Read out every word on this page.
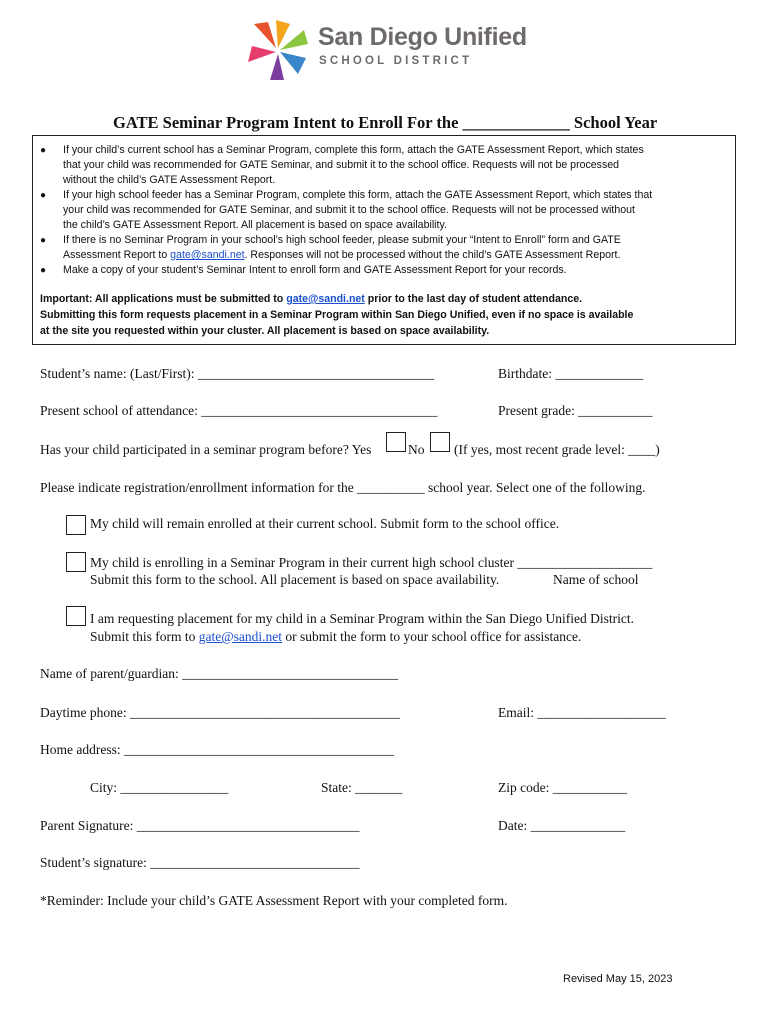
San Diego Unified
SCHOOL DISTRICT
GATE Seminar Program Intent to Enroll For the _____________ School Year
● If your child’s current school has a Seminar Program, complete this form, attach the GATE Assessment Report, which states
that your child was recommended for GATE Seminar, and submit it to the school office. Requests will not be processed
without the child’s GATE Assessment Report.
● If your high school feeder has a Seminar Program, complete this form, attach the GATE Assessment Report, which states that
your child was recommended for GATE Seminar, and submit it to the school office. Requests will not be processed without
the child’s GATE Assessment Report. All placement is based on space availability.
● If there is no Seminar Program in your school’s high school feeder, please submit your “Intent to Enroll” form and GATE
Assessment Report to gate@sandi.net. Responses will not be processed without the child’s GATE Assessment Report.
● Make a copy of your student’s Seminar Intent to enroll form and GATE Assessment Report for your records.
Important: All applications must be submitted to gate@sandi.net prior to the last day of student attendance.
Submitting this form requests placement in a Seminar Program within San Diego Unified, even if no space is available
at the site you requested within your cluster. All placement is based on space availability.
Student’s name: (Last/First): ___________________________________	Birthdate: _____________
Present school of attendance: ___________________________________	Present grade: ___________
Has your child participated in a seminar program before? Yes	No (If yes, most recent grade level: ____)
Please indicate registration/enrollment information for the __________ school year. Select one of the following.
My child will remain enrolled at their current school. Submit form to the school office.
My child is enrolling in a Seminar Program in their current high school cluster ____________________
Submit this form to the school. All placement is based on space availability.	Name of school
I am requesting placement for my child in a Seminar Program within the San Diego Unified District.
Submit this form to gate@sandi.net or submit the form to your school office for assistance.
Name of parent/guardian: ________________________________
Daytime phone: ________________________________________	Email: ___________________
Home address: ________________________________________
City: ________________	State: _______	Zip code: ___________
Parent Signature: _________________________________	Date: ______________
Student’s signature: _______________________________
*Reminder: Include your child’s GATE Assessment Report with your completed form.
Revised May 15, 2023
